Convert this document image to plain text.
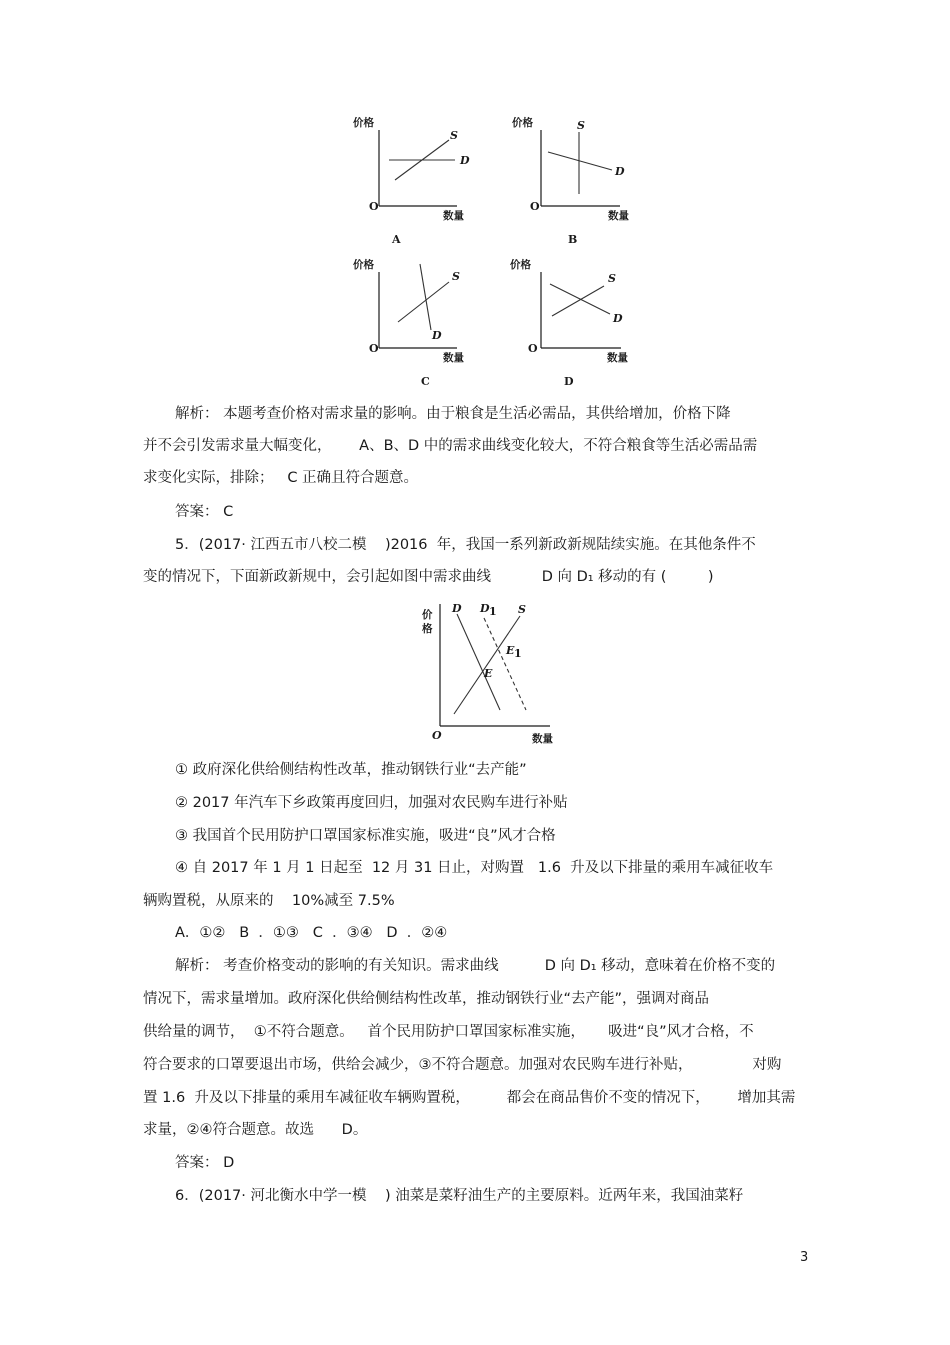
价格
O
数量
S
D
A
价格
O
数量
S
D
B
价格
O
数量
S
D
C
价格
O
数量
S
D
D
解析： 本题考查价格对需求量的影响。由于粮食是生活必需品，其供给增加，价格下降
并不会引发需求量大幅变化，      A、B、D 中的需求曲线变化较大，不符合粮食等生活必需品需
求变化实际，排除；   C 正确且符合题意。
答案： C
5．(2017· 江西五市八校二模    )2016  年，我国一系列新政新规陆续实施。在其他条件不
变的情况下，下面新政新规中，会引起如图中需求曲线           D 向 D₁ 移动的有 (         )
价
格
O	数量
D D 1 S
E
E 1
① 政府深化供给侧结构性改革，推动钢铁行业“去产能”
② 2017 年汽车下乡政策再度回归，加强对农民购车进行补贴
③ 我国首个民用防护口罩国家标准实施，吸进“良”风才合格
④ 自 2017 年 1 月 1 日起至  12 月 31 日止，对购置   1.6  升及以下排量的乘用车减征收车
辆购置税，从原来的    10%减至 7.5%
A．①②   B  ．①③   C  ．③④   D  ．②④
解析： 考查价格变动的影响的有关知识。需求曲线          D 向 D₁ 移动，意味着在价格不变的
情况下，需求量增加。政府深化供给侧结构性改革，推动钢铁行业“去产能”，强调对商品
供给量的调节，  ①不符合题意。   首个民用防护口罩国家标准实施，     吸进“良”风才合格，不
符合要求的口罩要退出市场，供给会减少，③不符合题意。加强对农民购车进行补贴，             对购
置 1.6  升及以下排量的乘用车减征收车辆购置税，        都会在商品售价不变的情况下，      增加其需
求量，②④符合题意。故选      D。
答案： D
6．(2017· 河北衡水中学一模    ) 油菜是菜籽油生产的主要原料。近两年来，我国油菜籽
3
